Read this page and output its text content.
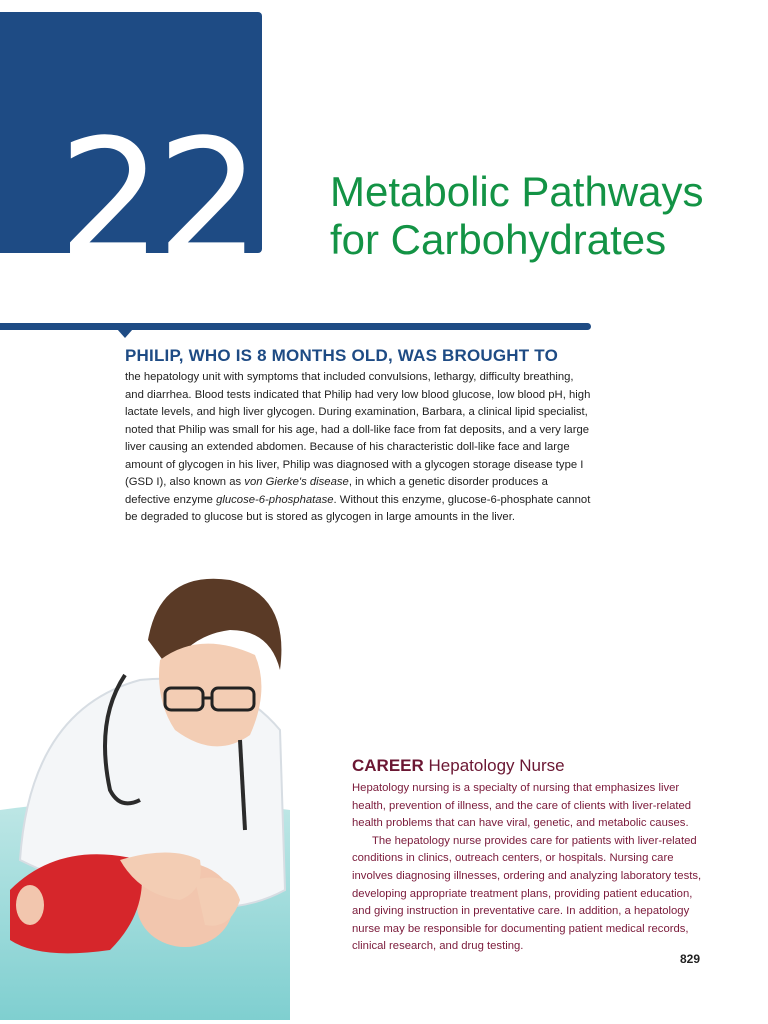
22 Metabolic Pathways
for Carbohydrates
PHILIP, WHO IS 8 MONTHS OLD, WAS BROUGHT TO

the hepatology unit with symptoms that included convulsions, lethargy, difficulty breathing, and diarrhea. Blood tests indicated that Philip had very low blood glucose, low blood pH, high lactate levels, and high liver glycogen. During examination, Barbara, a clinical lipid specialist, noted that Philip was small for his age, had a doll-like face from fat deposits, and a very large liver causing an extended abdomen. Because of his characteristic doll-like face and large amount of glycogen in his liver, Philip was diagnosed with a glycogen storage disease type I (GSD I), also known as von Gierke's disease, in which a genetic disorder produces a defective enzyme glucose-6-phosphatase. Without this enzyme, glucose-6-phosphate cannot be degraded to glucose but is stored as glycogen in large amounts in the liver.

CAREER Hepatology Nurse

Hepatology nursing is a specialty of nursing that emphasizes liver health, prevention of illness, and the care of clients with liver-related health problems that can have viral, genetic, and metabolic causes.

The hepatology nurse provides care for patients with liver-related conditions in clinics, outreach centers, or hospitals. Nursing care involves diagnosing illnesses, ordering and analyzing laboratory tests, developing appropriate treatment plans, providing patient education, and giving instruction in preventative care. In addition, a hepatology nurse may be responsible for documenting patient medical records, clinical research, and drug testing.

829
